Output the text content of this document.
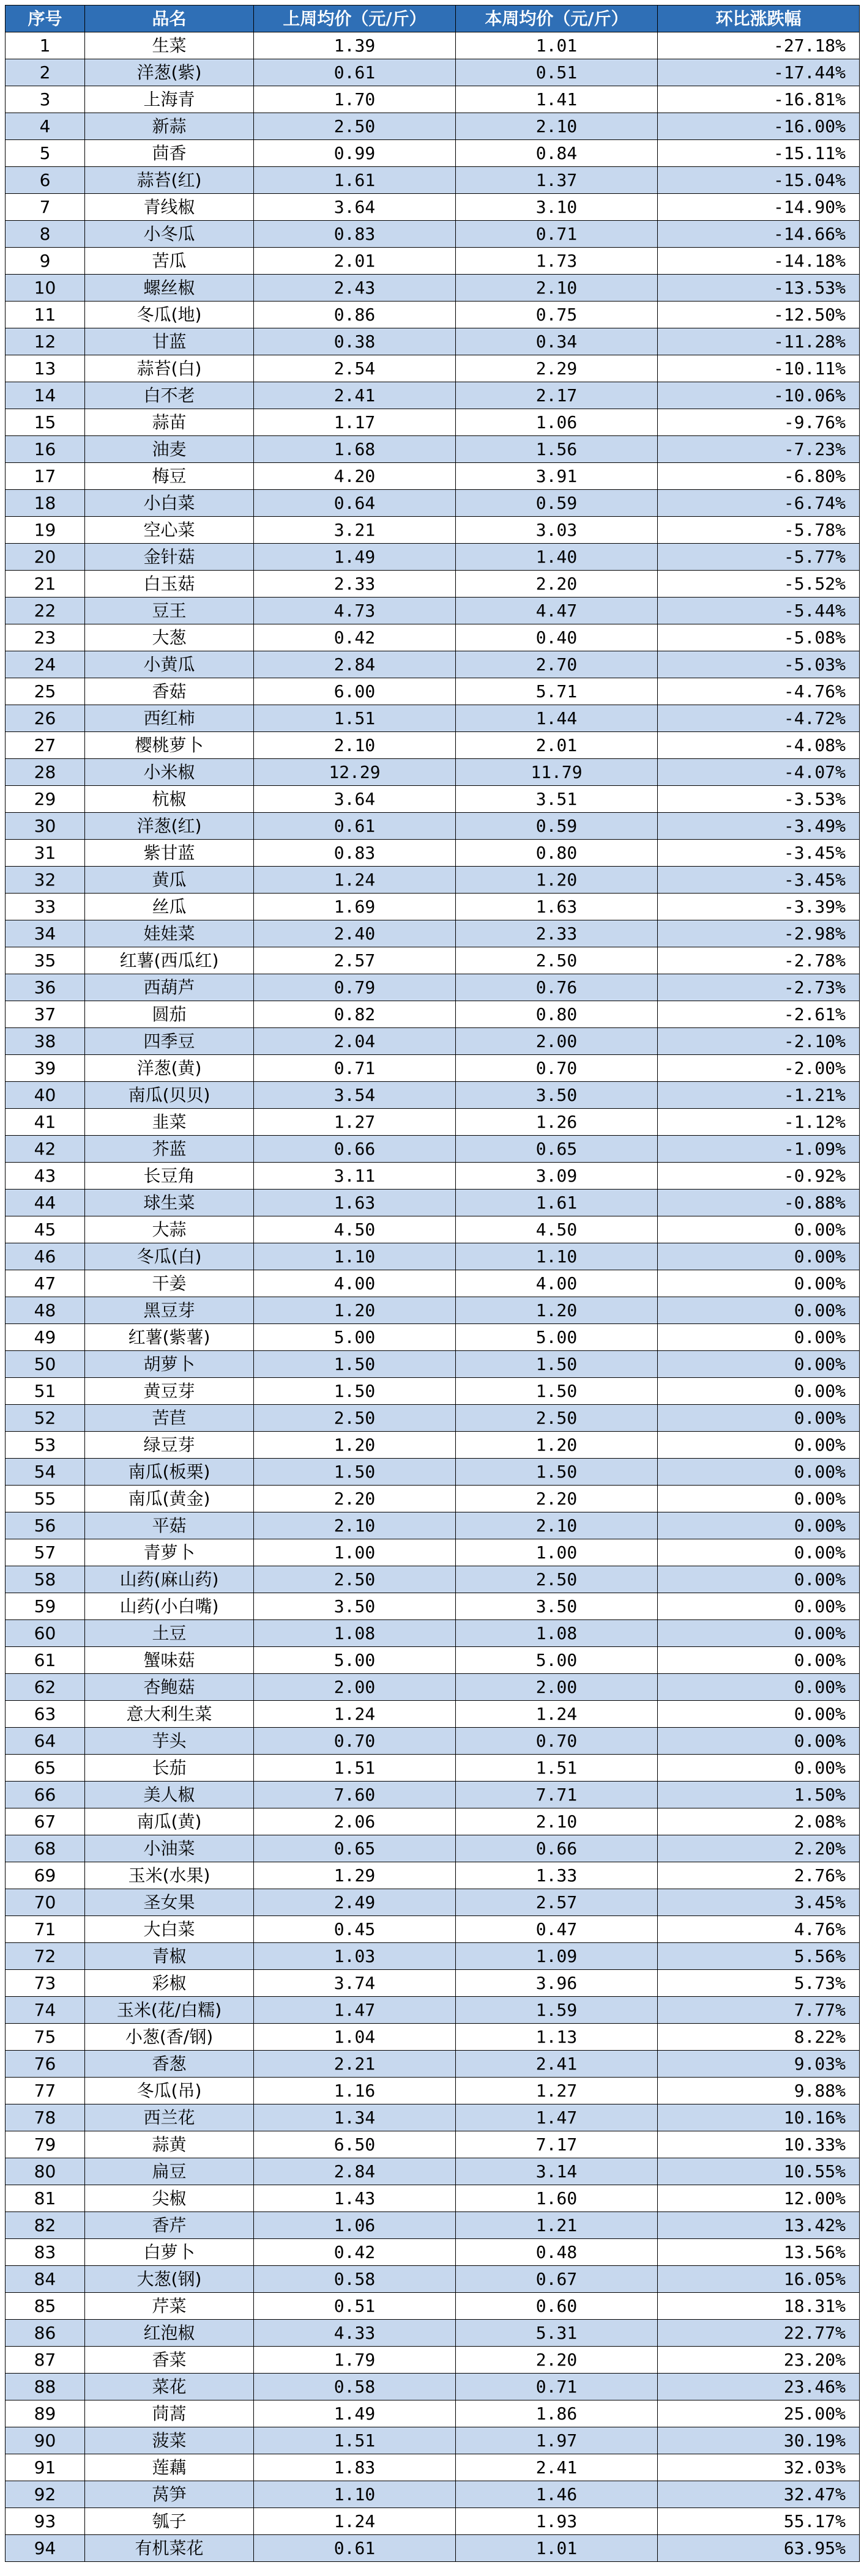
序号	品名	上周均价（元/斤）	本周均价（元/斤）	环比涨跌幅
1	生菜	1.39	1.01	-27.18%
2	洋葱(紫)	0.61	0.51	-17.44%
3	上海青	1.70	1.41	-16.81%
4	新蒜	2.50	2.10	-16.00%
5	茴香	0.99	0.84	-15.11%
6	蒜苔(红)	1.61	1.37	-15.04%
7	青线椒	3.64	3.10	-14.90%
8	小冬瓜	0.83	0.71	-14.66%
9	苦瓜	2.01	1.73	-14.18%
10	螺丝椒	2.43	2.10	-13.53%
11	冬瓜(地)	0.86	0.75	-12.50%
12	甘蓝	0.38	0.34	-11.28%
13	蒜苔(白)	2.54	2.29	-10.11%
14	白不老	2.41	2.17	-10.06%
15	蒜苗	1.17	1.06	-9.76%
16	油麦	1.68	1.56	-7.23%
17	梅豆	4.20	3.91	-6.80%
18	小白菜	0.64	0.59	-6.74%
19	空心菜	3.21	3.03	-5.78%
20	金针菇	1.49	1.40	-5.77%
21	白玉菇	2.33	2.20	-5.52%
22	豆王	4.73	4.47	-5.44%
23	大葱	0.42	0.40	-5.08%
24	小黄瓜	2.84	2.70	-5.03%
25	香菇	6.00	5.71	-4.76%
26	西红柿	1.51	1.44	-4.72%
27	樱桃萝卜	2.10	2.01	-4.08%
28	小米椒	12.29	11.79	-4.07%
29	杭椒	3.64	3.51	-3.53%
30	洋葱(红)	0.61	0.59	-3.49%
31	紫甘蓝	0.83	0.80	-3.45%
32	黄瓜	1.24	1.20	-3.45%
33	丝瓜	1.69	1.63	-3.39%
34	娃娃菜	2.40	2.33	-2.98%
35	红薯(西瓜红)	2.57	2.50	-2.78%
36	西葫芦	0.79	0.76	-2.73%
37	圆茄	0.82	0.80	-2.61%
38	四季豆	2.04	2.00	-2.10%
39	洋葱(黄)	0.71	0.70	-2.00%
40	南瓜(贝贝)	3.54	3.50	-1.21%
41	韭菜	1.27	1.26	-1.12%
42	芥蓝	0.66	0.65	-1.09%
43	长豆角	3.11	3.09	-0.92%
44	球生菜	1.63	1.61	-0.88%
45	大蒜	4.50	4.50	0.00%
46	冬瓜(白)	1.10	1.10	0.00%
47	干姜	4.00	4.00	0.00%
48	黑豆芽	1.20	1.20	0.00%
49	红薯(紫薯)	5.00	5.00	0.00%
50	胡萝卜	1.50	1.50	0.00%
51	黄豆芽	1.50	1.50	0.00%
52	苦苣	2.50	2.50	0.00%
53	绿豆芽	1.20	1.20	0.00%
54	南瓜(板栗)	1.50	1.50	0.00%
55	南瓜(黄金)	2.20	2.20	0.00%
56	平菇	2.10	2.10	0.00%
57	青萝卜	1.00	1.00	0.00%
58	山药(麻山药)	2.50	2.50	0.00%
59	山药(小白嘴)	3.50	3.50	0.00%
60	土豆	1.08	1.08	0.00%
61	蟹味菇	5.00	5.00	0.00%
62	杏鲍菇	2.00	2.00	0.00%
63	意大利生菜	1.24	1.24	0.00%
64	芋头	0.70	0.70	0.00%
65	长茄	1.51	1.51	0.00%
66	美人椒	7.60	7.71	1.50%
67	南瓜(黄)	2.06	2.10	2.08%
68	小油菜	0.65	0.66	2.20%
69	玉米(水果)	1.29	1.33	2.76%
70	圣女果	2.49	2.57	3.45%
71	大白菜	0.45	0.47	4.76%
72	青椒	1.03	1.09	5.56%
73	彩椒	3.74	3.96	5.73%
74	玉米(花/白糯)	1.47	1.59	7.77%
75	小葱(香/钢)	1.04	1.13	8.22%
76	香葱	2.21	2.41	9.03%
77	冬瓜(吊)	1.16	1.27	9.88%
78	西兰花	1.34	1.47	10.16%
79	蒜黄	6.50	7.17	10.33%
80	扁豆	2.84	3.14	10.55%
81	尖椒	1.43	1.60	12.00%
82	香芹	1.06	1.21	13.42%
83	白萝卜	0.42	0.48	13.56%
84	大葱(钢)	0.58	0.67	16.05%
85	芹菜	0.51	0.60	18.31%
86	红泡椒	4.33	5.31	22.77%
87	香菜	1.79	2.20	23.20%
88	菜花	0.58	0.71	23.46%
89	茼蒿	1.49	1.86	25.00%
90	菠菜	1.51	1.97	30.19%
91	莲藕	1.83	2.41	32.03%
92	莴笋	1.10	1.46	32.47%
93	瓠子	1.24	1.93	55.17%
94	有机菜花	0.61	1.01	63.95%
